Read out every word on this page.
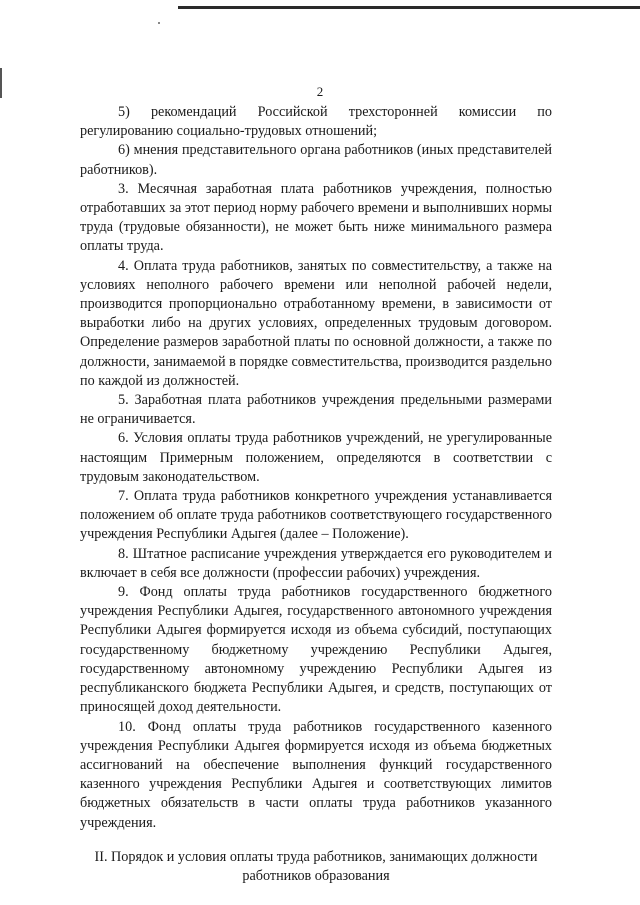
2

5) рекомендаций Российской трехсторонней комиссии по регулированию социально-трудовых отношений;

6) мнения представительного органа работников (иных представителей работников).

3. Месячная заработная плата работников учреждения, полностью отработавших за этот период норму рабочего времени и выполнивших нормы труда (трудовые обязанности), не может быть ниже минимального размера оплаты труда.

4. Оплата труда работников, занятых по совместительству, а также на условиях неполного рабочего времени или неполной рабочей недели, производится пропорционально отработанному времени, в зависимости от выработки либо на других условиях, определенных трудовым договором. Определение размеров заработной платы по основной должности, а также по должности, занимаемой в порядке совместительства, производится раздельно по каждой из должностей.

5. Заработная плата работников учреждения предельными размерами не ограничивается.

6. Условия оплаты труда работников учреждений, не урегулированные настоящим Примерным положением, определяются в соответствии с трудовым законодательством.

7. Оплата труда работников конкретного учреждения устанавливается положением об оплате труда работников соответствующего государственного учреждения Республики Адыгея (далее – Положение).

8. Штатное расписание учреждения утверждается его руководителем и включает в себя все должности (профессии рабочих) учреждения.

9. Фонд оплаты труда работников государственного бюджетного учреждения Республики Адыгея, государственного автономного учреждения Республики Адыгея формируется исходя из объема субсидий, поступающих государственному бюджетному учреждению Республики Адыгея, государственному автономному учреждению Республики Адыгея из республиканского бюджета Республики Адыгея, и средств, поступающих от приносящей доход деятельности.

10. Фонд оплаты труда работников государственного казенного учреждения Республики Адыгея формируется исходя из объема бюджетных ассигнований на обеспечение выполнения функций государственного казенного учреждения Республики Адыгея и соответствующих лимитов бюджетных обязательств в части оплаты труда работников указанного учреждения.

II. Порядок и условия оплаты труда работников, занимающих должности работников образования
